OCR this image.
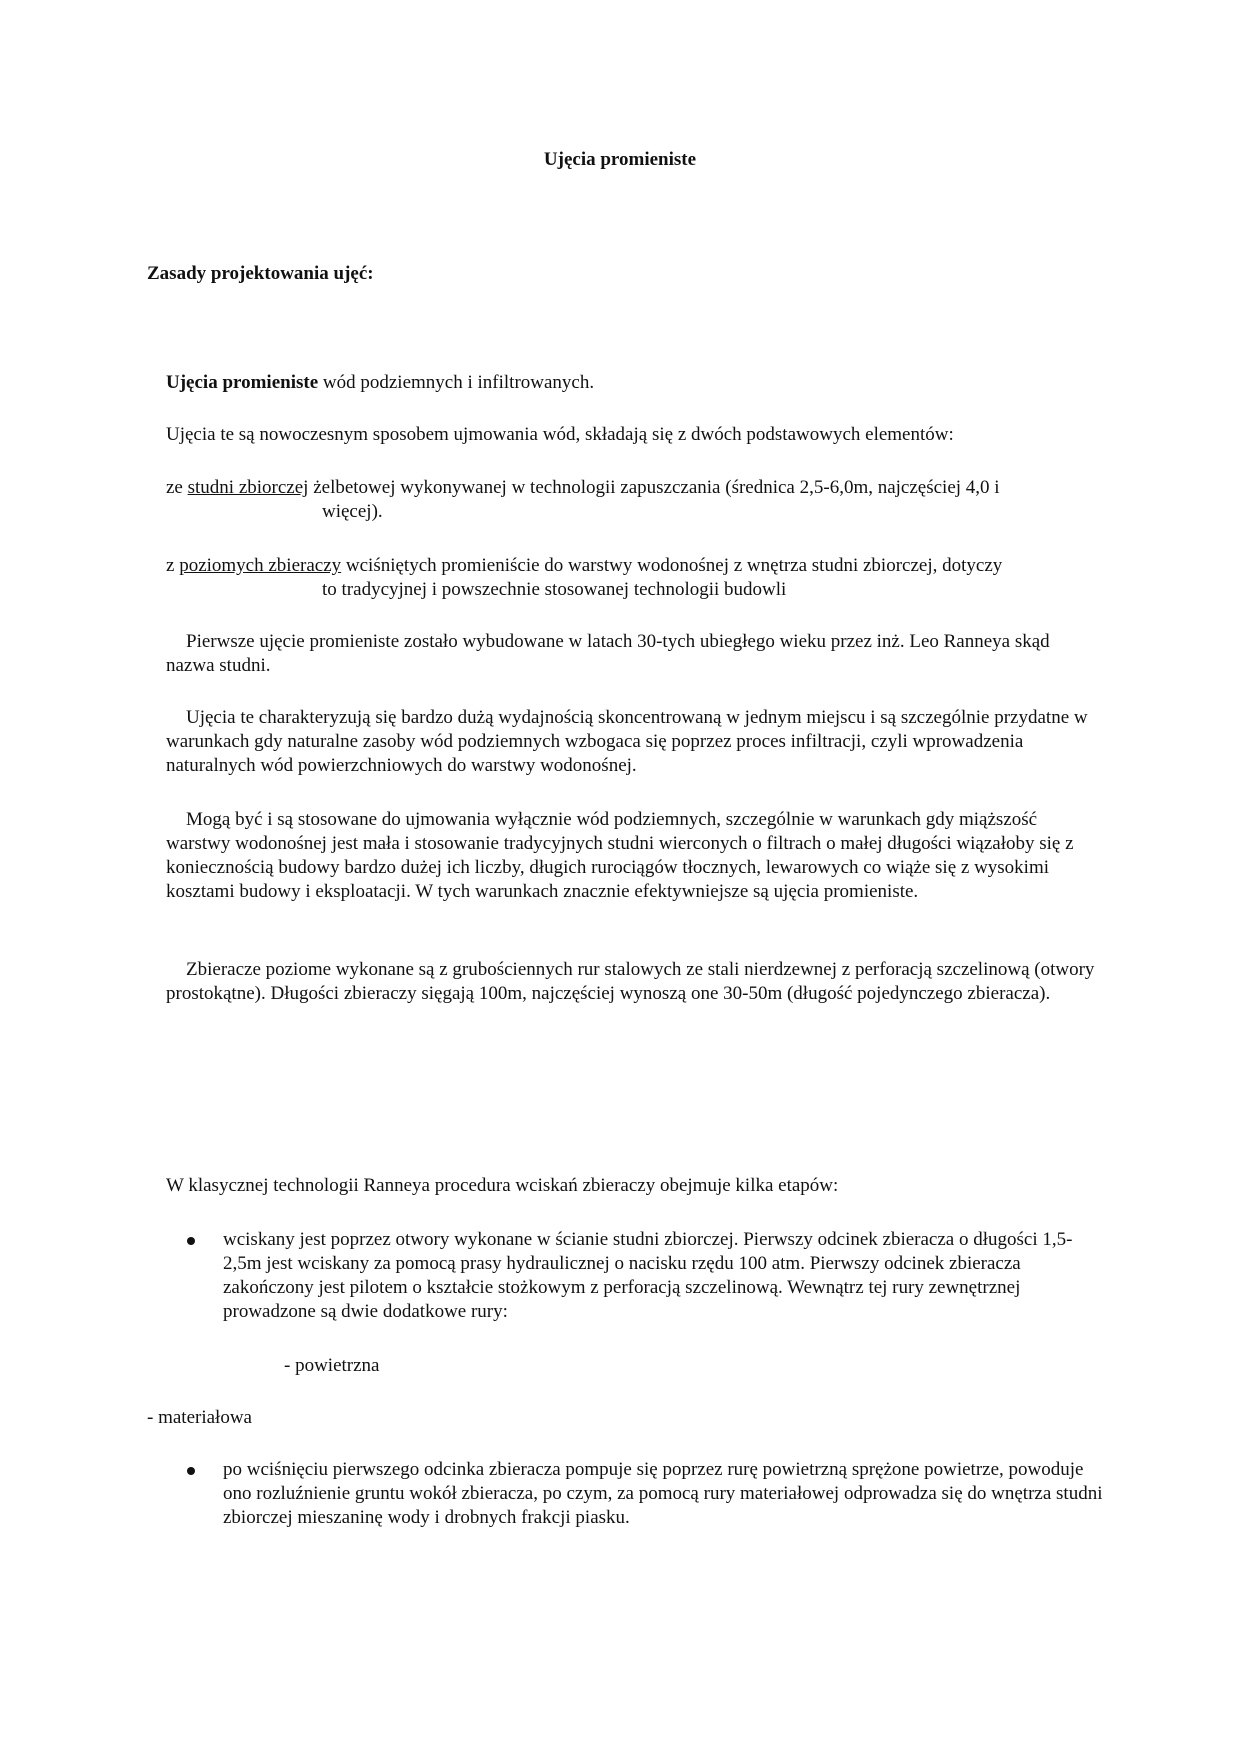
Ujęcia promieniste
Zasady projektowania ujęć:
Ujęcia promieniste wód podziemnych i infiltrowanych.
Ujęcia te są nowoczesnym sposobem ujmowania wód, składają się z dwóch podstawowych elementów:
ze studni zbiorczej żelbetowej wykonywanej w technologii zapuszczania (średnica 2,5-6,0m, najczęściej 4,0 i
więcej).
z poziomych zbieraczy wciśniętych promieniście do warstwy wodonośnej z wnętrza studni zbiorczej, dotyczy
to tradycyjnej i powszechnie stosowanej technologii budowli
Pierwsze ujęcie promieniste zostało wybudowane w latach 30-tych ubiegłego wieku przez inż. Leo Ranneya skąd nazwa studni.
Ujęcia te charakteryzują się bardzo dużą wydajnością skoncentrowaną w jednym miejscu i są szczególnie przydatne w warunkach gdy naturalne zasoby wód podziemnych wzbogaca się poprzez proces infiltracji, czyli wprowadzenia naturalnych wód powierzchniowych do warstwy wodonośnej.
Mogą być i są stosowane do ujmowania wyłącznie wód podziemnych, szczególnie w warunkach gdy miąższość warstwy wodonośnej jest mała i stosowanie tradycyjnych studni wierconych o filtrach o małej długości wiązałoby się z koniecznością budowy bardzo dużej ich liczby, długich rurociągów tłocznych, lewarowych co wiąże się z wysokimi kosztami budowy i eksploatacji. W tych warunkach znacznie efektywniejsze są ujęcia promieniste.
Zbieracze poziome wykonane są z grubościennych rur stalowych ze stali nierdzewnej z perforacją szczelinową (otwory prostokątne). Długości zbieraczy sięgają 100m, najczęściej wynoszą one 30-50m (długość pojedynczego zbieracza).
W klasycznej technologii Ranneya procedura wciskań zbieraczy obejmuje kilka etapów:
wciskany jest poprzez otwory wykonane w ścianie studni zbiorczej. Pierwszy odcinek zbieracza o długości 1,5-2,5m jest wciskany za pomocą prasy hydraulicznej o nacisku rzędu 100 atm. Pierwszy odcinek zbieracza zakończony jest pilotem o kształcie stożkowym z perforacją szczelinową. Wewnątrz tej rury zewnętrznej prowadzone są dwie dodatkowe rury:
- powietrzna
- materiałowa
po wciśnięciu pierwszego odcinka zbieracza pompuje się poprzez rurę powietrzną sprężone powietrze, powoduje ono rozluźnienie gruntu wokół zbieracza, po czym, za pomocą rury materiałowej odprowadza się do wnętrza studni zbiorczej mieszaninę wody i drobnych frakcji piasku.
